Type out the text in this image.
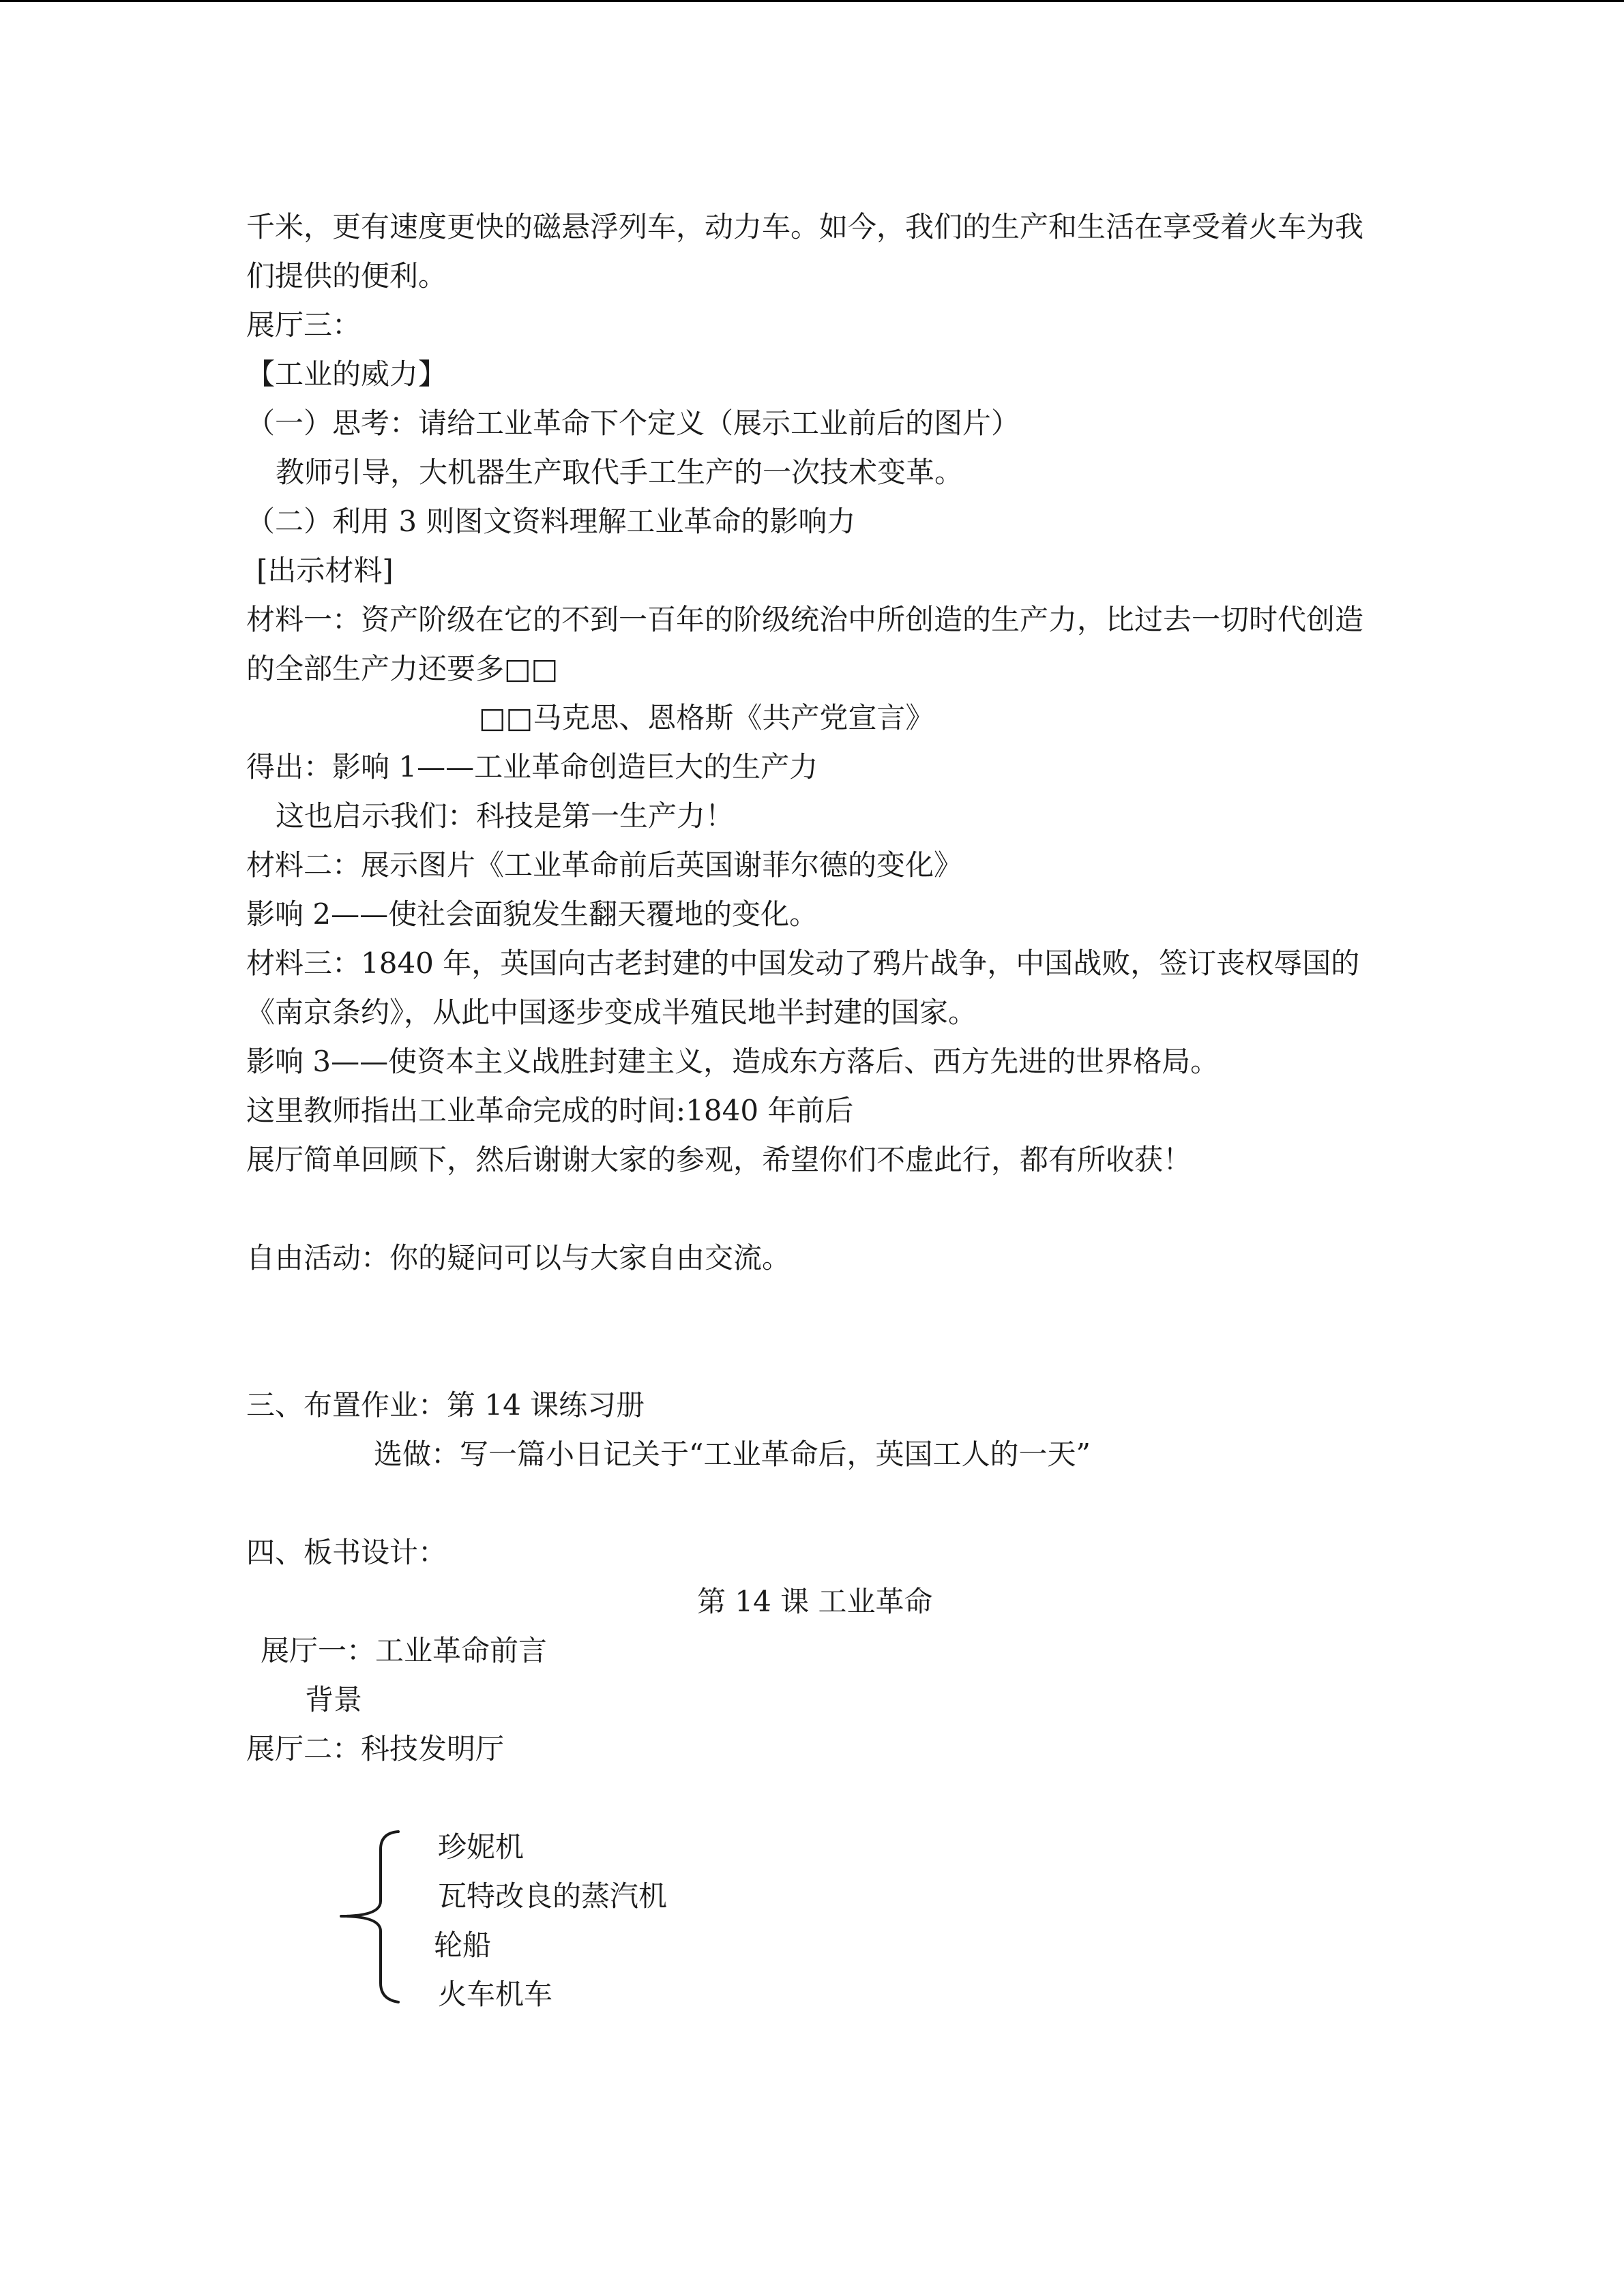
千米，更有速度更快的磁悬浮列车，动力车。如今，我们的生产和生活在享受着火车为我
们提供的便利。
展厅三：
【工业的威力】
（一）思考：请给工业革命下个定义（展示工业前后的图片）
教师引导，大机器生产取代手工生产的一次技术变革。
（二）利用 3 则图文资料理解工业革命的影响力
[出示材料]
材料一：资产阶级在它的不到一百年的阶级统治中所创造的生产力，比过去一切时代创造
的全部生产力还要多□□
□□马克思、恩格斯《共产党宣言》
得出：影响 1——工业革命创造巨大的生产力
这也启示我们：科技是第一生产力！
材料二：展示图片《工业革命前后英国谢菲尔德的变化》
影响 2——使社会面貌发生翻天覆地的变化。
材料三：1840 年，英国向古老封建的中国发动了鸦片战争，中国战败，签订丧权辱国的
《南京条约》，从此中国逐步变成半殖民地半封建的国家。
影响 3——使资本主义战胜封建主义，造成东方落后、西方先进的世界格局。
这里教师指出工业革命完成的时间:1840 年前后
展厅简单回顾下，然后谢谢大家的参观，希望你们不虚此行，都有所收获！
自由活动：你的疑问可以与大家自由交流。
三、布置作业：第 14 课练习册
选做：写一篇小日记关于“工业革命后，英国工人的一天”
四、板书设计：
第 14 课 工业革命
展厅一：工业革命前言
背景
展厅二：科技发明厅
珍妮机
瓦特改良的蒸汽机
轮船
火车机车
